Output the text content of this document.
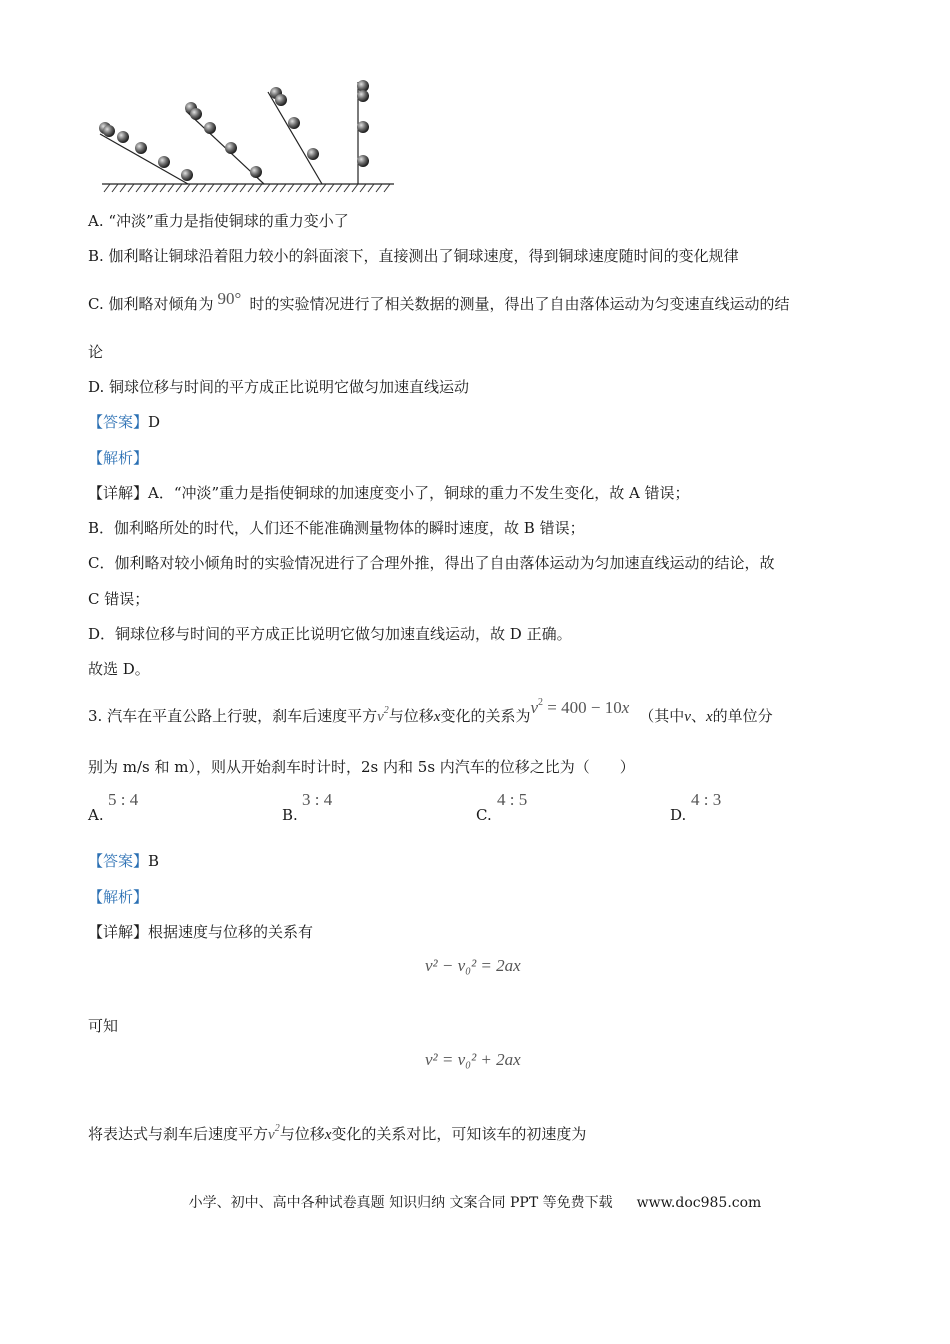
A. “冲淡”重力是指使铜球的重力变小了
B. 伽利略让铜球沿着阻力较小的斜面滚下，直接测出了铜球速度，得到铜球速度随时间的变化规律
C. 伽利略对倾角为 90° 时的实验情况进行了相关数据的测量，得出了自由落体运动为匀变速直线运动的结
论
D. 铜球位移与时间的平方成正比说明它做匀加速直线运动
【答案】D
【解析】
【详解】A．“冲淡”重力是指使铜球的加速度变小了，铜球的重力不发生变化，故 A 错误；
B．伽利略所处的时代，人们还不能准确测量物体的瞬时速度，故 B 错误；
C．伽利略对较小倾角时的实验情况进行了合理外推，得出了自由落体运动为匀加速直线运动的结论，故
C 错误；
D．铜球位移与时间的平方成正比说明它做匀加速直线运动，故 D 正确。
故选 D。
3. 汽车在平直公路上行驶，刹车后速度平方$v^2$与位移x变化的关系为$v^2 = 400 - 10x$ （其中v、x的单位分
别为 m/s 和 m），则从开始刹车时计时，2s 内和 5s 内汽车的位移之比为（　　）
A.
5 : 4
B.
3 : 4
C.
4 : 5
D.
4 : 3
【答案】B
【解析】
【详解】根据速度与位移的关系有
v² − v₀² = 2ax
可知
v² = v₀² + 2ax
将表达式与刹车后速度平方$v^2$与位移x变化的关系对比，可知该车的初速度为
小学、初中、高中各种试卷真题 知识归纳 文案合同 PPT 等免费下载 www.doc985.com
